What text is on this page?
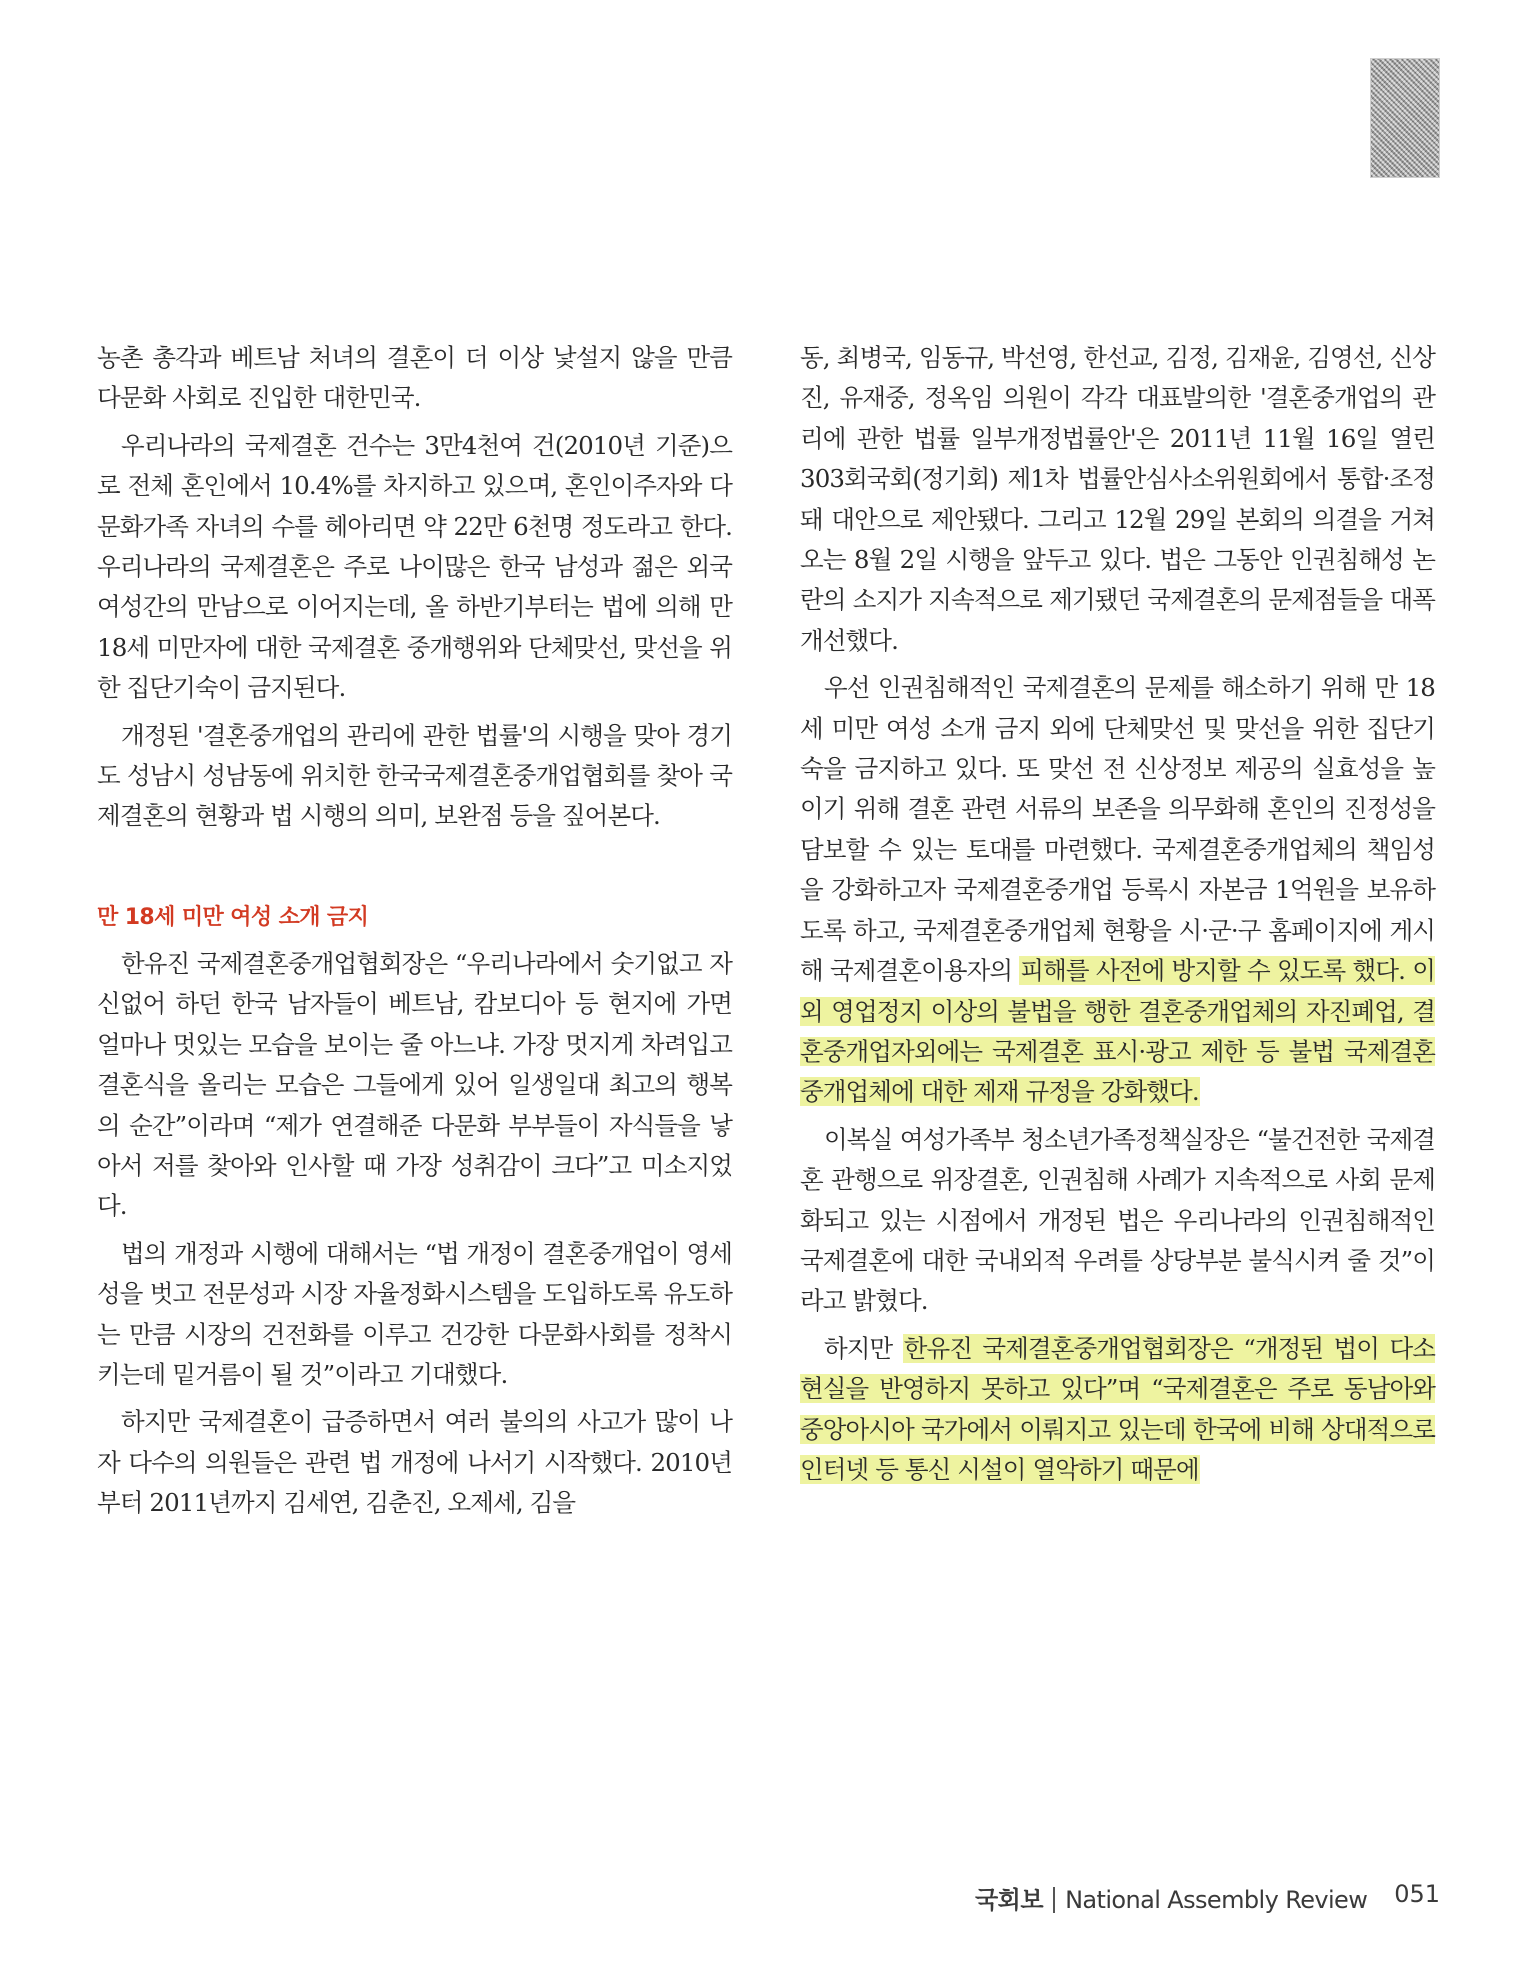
농촌 총각과 베트남 처녀의 결혼이 더 이상 낯설지 않을 만큼 다문화 사회로 진입한 대한민국.

우리나라의 국제결혼 건수는 3만4천여 건(2010년 기준)으로 전체 혼인에서 10.4%를 차지하고 있으며, 혼인이주자와 다문화가족 자녀의 수를 헤아리면 약 22만 6천명 정도라고 한다. 우리나라의 국제결혼은 주로 나이많은 한국 남성과 젊은 외국 여성간의 만남으로 이어지는데, 올 하반기부터는 법에 의해 만 18세 미만자에 대한 국제결혼 중개행위와 단체맞선, 맞선을 위한 집단기숙이 금지된다.

개정된 '결혼중개업의 관리에 관한 법률'의 시행을 맞아 경기도 성남시 성남동에 위치한 한국국제결혼중개업협회를 찾아 국제결혼의 현황과 법 시행의 의미, 보완점 등을 짚어본다.

만 18세 미만 여성 소개 금지

한유진 국제결혼중개업협회장은 “우리나라에서 숫기없고 자신없어 하던 한국 남자들이 베트남, 캄보디아 등 현지에 가면 얼마나 멋있는 모습을 보이는 줄 아느냐. 가장 멋지게 차려입고 결혼식을 올리는 모습은 그들에게 있어 일생일대 최고의 행복의 순간”이라며 “제가 연결해준 다문화 부부들이 자식들을 낳아서 저를 찾아와 인사할 때 가장 성취감이 크다”고 미소지었다.

법의 개정과 시행에 대해서는 “법 개정이 결혼중개업이 영세성을 벗고 전문성과 시장 자율정화시스템을 도입하도록 유도하는 만큼 시장의 건전화를 이루고 건강한 다문화사회를 정착시키는데 밑거름이 될 것”이라고 기대했다.

하지만 국제결혼이 급증하면서 여러 불의의 사고가 많이 나자 다수의 의원들은 관련 법 개정에 나서기 시작했다. 2010년부터 2011년까지 김세연, 김춘진, 오제세, 김을

동, 최병국, 임동규, 박선영, 한선교, 김정, 김재윤, 김영선, 신상진, 유재중, 정옥임 의원이 각각 대표발의한 '결혼중개업의 관리에 관한 법률 일부개정법률안'은 2011년 11월 16일 열린 303회국회(정기회) 제1차 법률안심사소위원회에서 통합·조정돼 대안으로 제안됐다. 그리고 12월 29일 본회의 의결을 거쳐 오는 8월 2일 시행을 앞두고 있다. 법은 그동안 인권침해성 논란의 소지가 지속적으로 제기됐던 국제결혼의 문제점들을 대폭 개선했다.

우선 인권침해적인 국제결혼의 문제를 해소하기 위해 만 18세 미만 여성 소개 금지 외에 단체맞선 및 맞선을 위한 집단기숙을 금지하고 있다. 또 맞선 전 신상정보 제공의 실효성을 높이기 위해 결혼 관련 서류의 보존을 의무화해 혼인의 진정성을 담보할 수 있는 토대를 마련했다. 국제결혼중개업체의 책임성을 강화하고자 국제결혼중개업 등록시 자본금 1억원을 보유하도록 하고, 국제결혼중개업체 현황을 시·군·구 홈페이지에 게시해 국제결혼이용자의 피해를 사전에 방지할 수 있도록 했다. 이외 영업정지 이상의 불법을 행한 결혼중개업체의 자진폐업, 결혼중개업자외에는 국제결혼 표시·광고 제한 등 불법 국제결혼중개업체에 대한 제재 규정을 강화했다.

이복실 여성가족부 청소년가족정책실장은 “불건전한 국제결혼 관행으로 위장결혼, 인권침해 사례가 지속적으로 사회 문제화되고 있는 시점에서 개정된 법은 우리나라의 인권침해적인 국제결혼에 대한 국내외적 우려를 상당부분 불식시켜 줄 것”이라고 밝혔다.

하지만 한유진 국제결혼중개업협회장은 “개정된 법이 다소 현실을 반영하지 못하고 있다”며 “국제결혼은 주로 동남아와 중앙아시아 국가에서 이뤄지고 있는데 한국에 비해 상대적으로 인터넷 등 통신 시설이 열악하기 때문에

국회보 National Assembly Review 051
